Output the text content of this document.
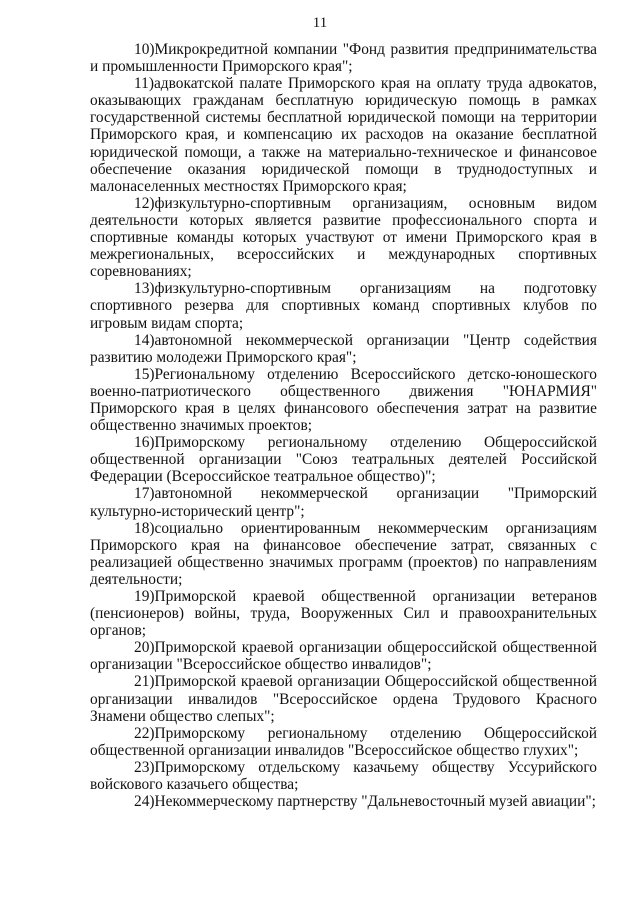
11

10)Микрокредитной компании "Фонд развития предпринимательства и промышленности Приморского края";

11)адвокатской палате Приморского края на оплату труда адвокатов, оказывающих гражданам бесплатную юридическую помощь в рамках государственной системы бесплатной юридической помощи на территории Приморского края, и компенсацию их расходов на оказание бесплатной юридической помощи, а также на материально-техническое и финансовое обеспечение оказания юридической помощи в труднодоступных и малонаселенных местностях Приморского края;

12)физкультурно-спортивным организациям, основным видом деятельности которых является развитие профессионального спорта и спортивные команды которых участвуют от имени Приморского края в межрегиональных, всероссийских и международных спортивных соревнованиях;

13)физкультурно-спортивным организациям на подготовку спортивного резерва для спортивных команд спортивных клубов по игровым видам спорта;

14)автономной некоммерческой организации "Центр содействия развитию молодежи Приморского края";

15)Региональному отделению Всероссийского детско-юношеского военно-патриотического общественного движения "ЮНАРМИЯ" Приморского края в целях финансового обеспечения затрат на развитие общественно значимых проектов;

16)Приморскому региональному отделению Общероссийской общественной организации "Союз театральных деятелей Российской Федерации (Всероссийское театральное общество)";

17)автономной некоммерческой организации "Приморский культурно-исторический центр";

18)социально ориентированным некоммерческим организациям Приморского края на финансовое обеспечение затрат, связанных с реализацией общественно значимых программ (проектов) по направлениям деятельности;

19)Приморской краевой общественной организации ветеранов (пенсионеров) войны, труда, Вооруженных Сил и правоохранительных органов;

20)Приморской краевой организации общероссийской общественной организации "Всероссийское общество инвалидов";

21)Приморской краевой организации Общероссийской общественной организации инвалидов "Всероссийское ордена Трудового Красного Знамени общество слепых";

22)Приморскому региональному отделению Общероссийской общественной организации инвалидов "Всероссийское общество глухих";

23)Приморскому отдельскому казачьему обществу Уссурийского войскового казачьего общества;

24)Некоммерческому партнерству "Дальневосточный музей авиации";
